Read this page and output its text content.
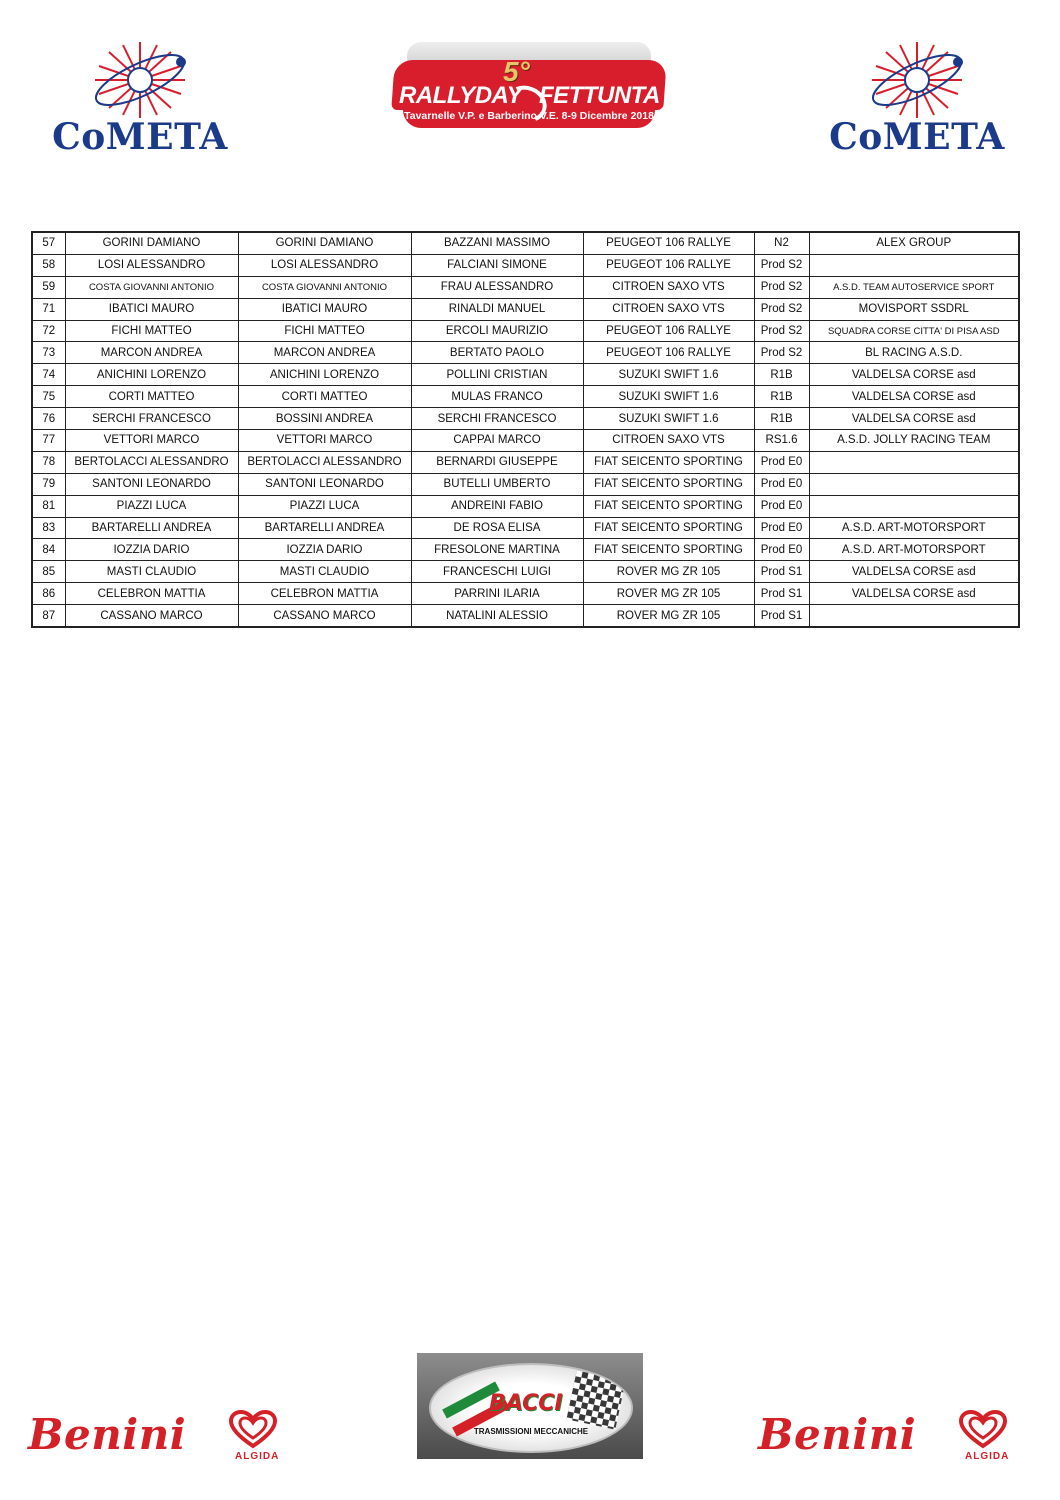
CoMETA
5°
RALLYDAY FETTUNTA
Tavarnelle V.P. e Barberino V.E. 8-9 Dicembre 2018	CoMETA
57	GORINI DAMIANO	GORINI DAMIANO	BAZZANI MASSIMO	PEUGEOT 106 RALLYE	N2	ALEX GROUP
58	LOSI ALESSANDRO	LOSI ALESSANDRO	FALCIANI SIMONE	PEUGEOT 106 RALLYE	Prod S2	
59	COSTA GIOVANNI ANTONIO	COSTA GIOVANNI ANTONIO	FRAU ALESSANDRO	CITROEN SAXO VTS	Prod S2	A.S.D. TEAM AUTOSERVICE SPORT
71	IBATICI MAURO	IBATICI MAURO	RINALDI MANUEL	CITROEN SAXO VTS	Prod S2	MOVISPORT SSDRL
72	FICHI MATTEO	FICHI MATTEO	ERCOLI MAURIZIO	PEUGEOT 106 RALLYE	Prod S2	SQUADRA CORSE CITTA' DI PISA ASD
73	MARCON ANDREA	MARCON ANDREA	BERTATO PAOLO	PEUGEOT 106 RALLYE	Prod S2	BL RACING A.S.D.
74	ANICHINI LORENZO	ANICHINI LORENZO	POLLINI CRISTIAN	SUZUKI SWIFT 1.6	R1B	VALDELSA CORSE asd
75	CORTI MATTEO	CORTI MATTEO	MULAS FRANCO	SUZUKI SWIFT 1.6	R1B	VALDELSA CORSE asd
76	SERCHI FRANCESCO	BOSSINI ANDREA	SERCHI FRANCESCO	SUZUKI SWIFT 1.6	R1B	VALDELSA CORSE asd
77	VETTORI MARCO	VETTORI MARCO	CAPPAI MARCO	CITROEN SAXO VTS	RS1.6	A.S.D. JOLLY RACING TEAM
78	BERTOLACCI ALESSANDRO	BERTOLACCI ALESSANDRO	BERNARDI GIUSEPPE	FIAT SEICENTO SPORTING	Prod E0	
79	SANTONI LEONARDO	SANTONI LEONARDO	BUTELLI UMBERTO	FIAT SEICENTO SPORTING	Prod E0	
81	PIAZZI LUCA	PIAZZI LUCA	ANDREINI FABIO	FIAT SEICENTO SPORTING	Prod E0	
83	BARTARELLI ANDREA	BARTARELLI ANDREA	DE ROSA ELISA	FIAT SEICENTO SPORTING	Prod E0	A.S.D. ART-MOTORSPORT
84	IOZZIA DARIO	IOZZIA DARIO	FRESOLONE MARTINA	FIAT SEICENTO SPORTING	Prod E0	A.S.D. ART-MOTORSPORT
85	MASTI CLAUDIO	MASTI CLAUDIO	FRANCESCHI LUIGI	ROVER MG ZR 105	Prod S1	VALDELSA CORSE asd
86	CELEBRON MATTIA	CELEBRON MATTIA	PARRINI ILARIA	ROVER MG ZR 105	Prod S1	VALDELSA CORSE asd
87	CASSANO MARCO	CASSANO MARCO	NATALINI ALESSIO	ROVER MG ZR 105	Prod S1	
Benini	ALGIDA
BACCI
TRASMISSIONI MECCANICHE	Benini	ALGIDA
